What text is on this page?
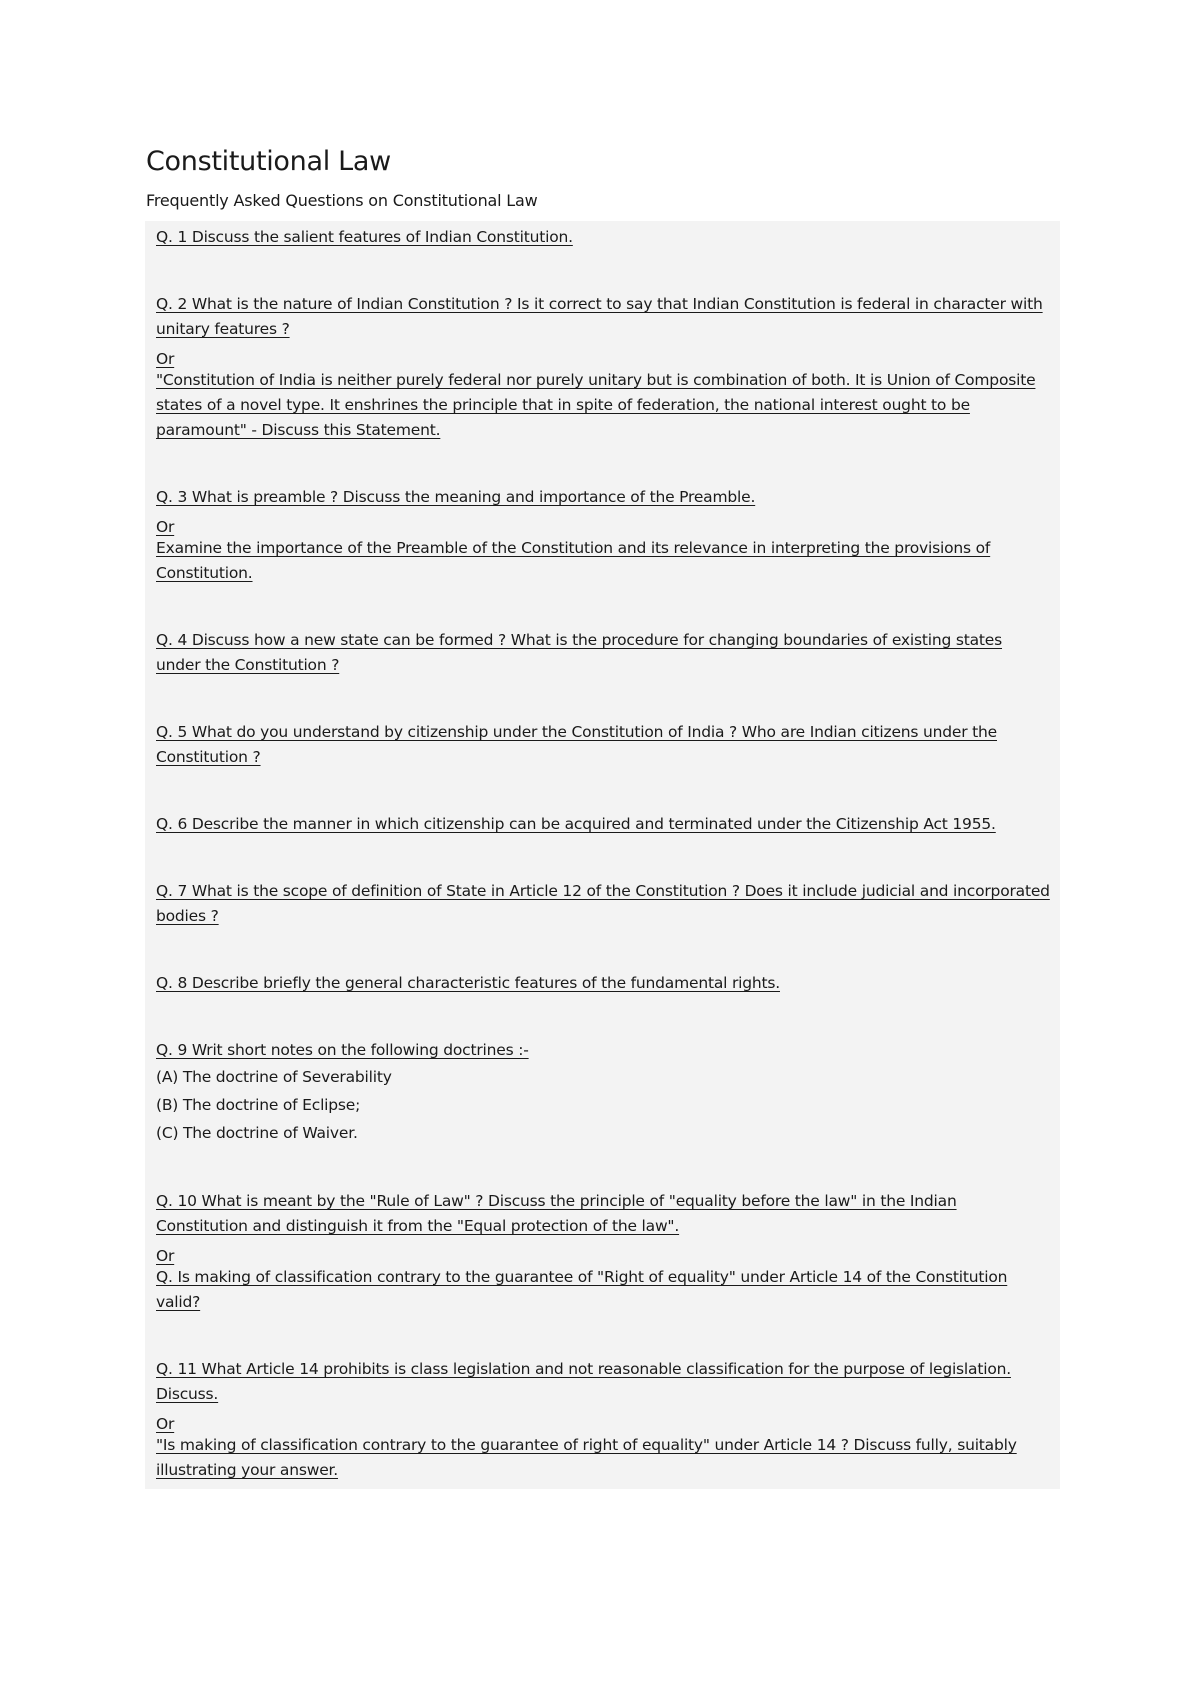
Constitutional Law
Frequently Asked Questions on Constitutional Law

Q. 1 Discuss the salient features of Indian Constitution.

Q. 2 What is the nature of Indian Constitution ? Is it correct to say that Indian Constitution is federal in character with unitary features ?

Or

"Constitution of India is neither purely federal nor purely unitary but is combination of both. It is Union of Composite states of a novel type. It enshrines the principle that in spite of federation, the national interest ought to be paramount" - Discuss this Statement.

Q. 3 What is preamble ? Discuss the meaning and importance of the Preamble.

Or

Examine the importance of the Preamble of the Constitution and its relevance in interpreting the provisions of Constitution.

Q. 4 Discuss how a new state can be formed ? What is the procedure for changing boundaries of existing states under the Constitution ?

Q. 5 What do you understand by citizenship under the Constitution of India ? Who are Indian citizens under the Constitution ?

Q. 6 Describe the manner in which citizenship can be acquired and terminated under the Citizenship Act 1955.

Q. 7 What is the scope of definition of State in Article 12 of the Constitution ? Does it include judicial and incorporated bodies ?

Q. 8 Describe briefly the general characteristic features of the fundamental rights.

Q. 9 Writ short notes on the following doctrines :-

(A) The doctrine of Severability

(B) The doctrine of Eclipse;

(C) The doctrine of Waiver.

Q. 10 What is meant by the "Rule of Law" ? Discuss the principle of "equality before the law" in the Indian Constitution and distinguish it from the "Equal protection of the law".

Or

Q. Is making of classification contrary to the guarantee of "Right of equality" under Article 14 of the Constitution valid?

Q. 11 What Article 14 prohibits is class legislation and not reasonable classification for the purpose of legislation. Discuss.

Or

"Is making of classification contrary to the guarantee of right of equality" under Article 14 ? Discuss fully, suitably illustrating your answer.
